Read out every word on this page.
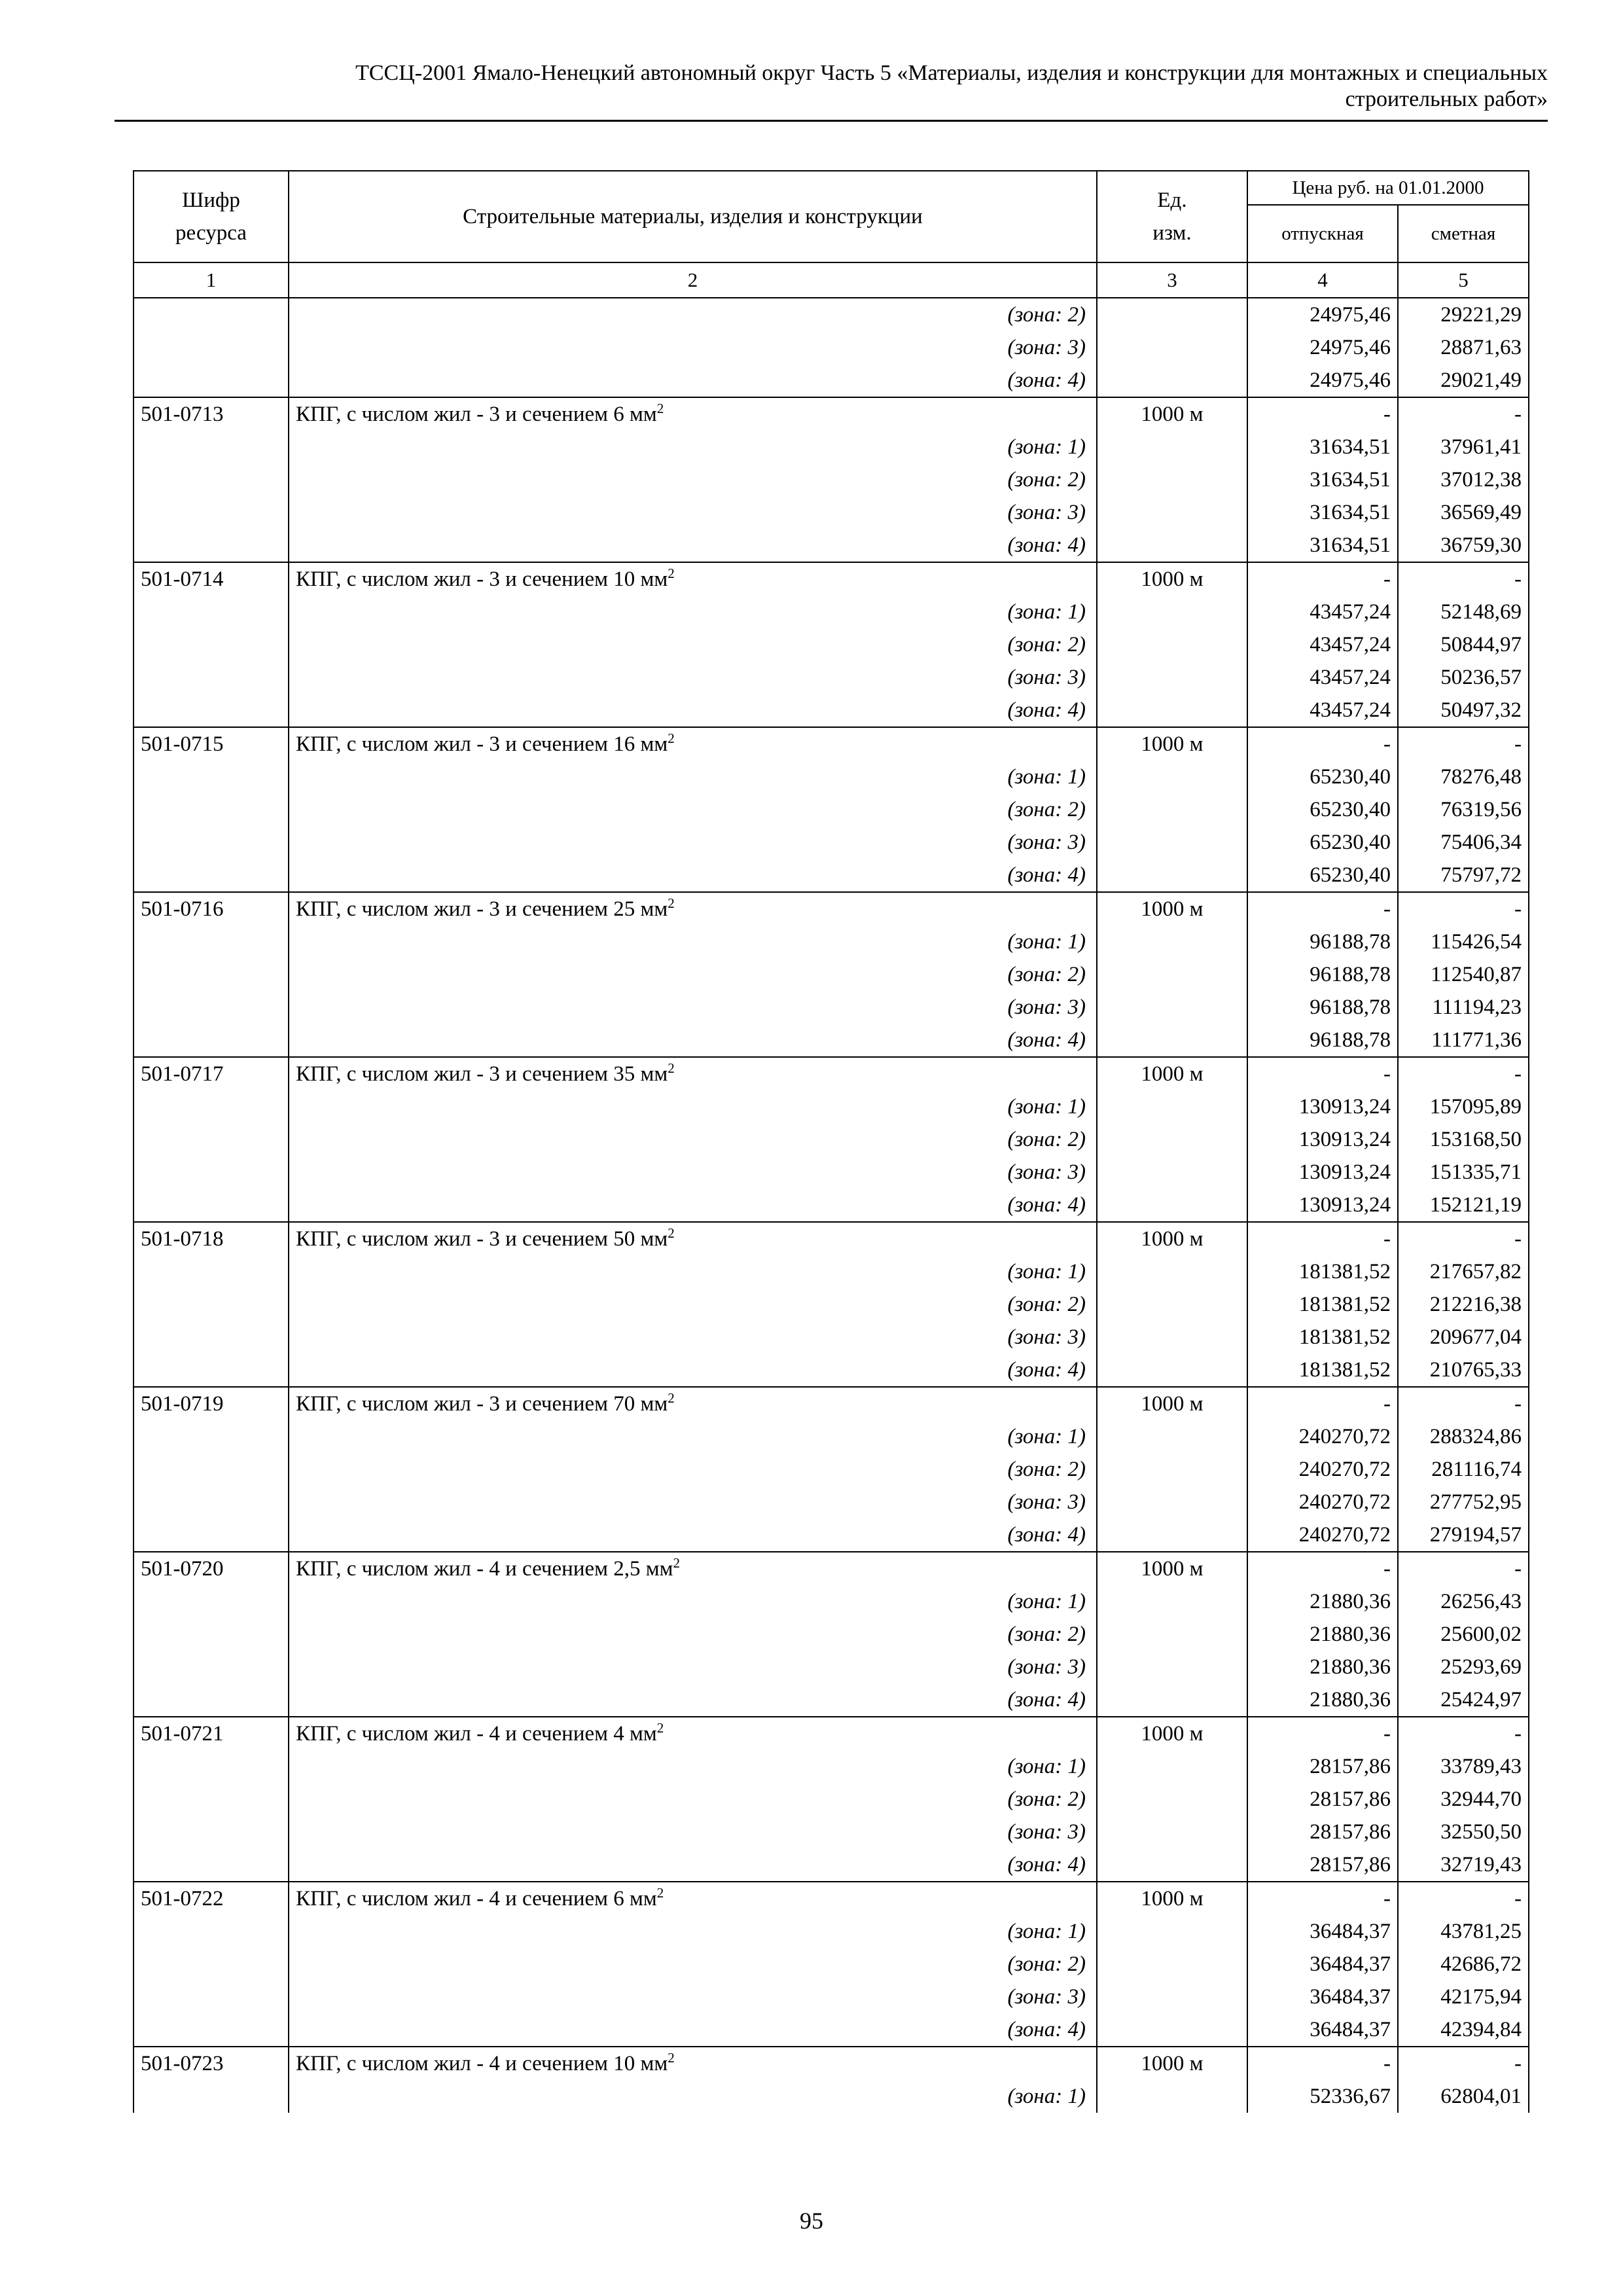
ТССЦ-2001 Ямало-Ненецкий автономный округ Часть 5 «Материалы, изделия и конструкции для монтажных и специальных
строительных работ»
Шифр ресурса	Строительные материалы, изделия и конструкции	Ед. изм.	Цена руб. на 01.01.2000	
			отпускная	сметная
1	2	3	4	5
	(зона: 2)		24975,46	29221,29
	(зона: 3)		24975,46	28871,63
	(зона: 4)		24975,46	29021,49
501-0713	КПГ, с числом жил - 3 и сечением 6 $мм^2$	1000 м	-	-
	(зона: 1)		31634,51	37961,41
	(зона: 2)		31634,51	37012,38
	(зона: 3)		31634,51	36569,49
	(зона: 4)		31634,51	36759,30
501-0714	КПГ, с числом жил - 3 и сечением 10 $мм^2$	1000 м	-	-
	(зона: 1)		43457,24	52148,69
	(зона: 2)		43457,24	50844,97
	(зона: 3)		43457,24	50236,57
	(зона: 4)		43457,24	50497,32
501-0715	КПГ, с числом жил - 3 и сечением 16 $мм^2$	1000 м	-	-
	(зона: 1)		65230,40	78276,48
	(зона: 2)		65230,40	76319,56
	(зона: 3)		65230,40	75406,34
	(зона: 4)		65230,40	75797,72
501-0716	КПГ, с числом жил - 3 и сечением 25 $мм^2$	1000 м	-	-
	(зона: 1)		96188,78	115426,54
	(зона: 2)		96188,78	112540,87
	(зона: 3)		96188,78	111194,23
	(зона: 4)		96188,78	111771,36
501-0717	КПГ, с числом жил - 3 и сечением 35 $мм^2$	1000 м	-	-
	(зона: 1)		130913,24	157095,89
	(зона: 2)		130913,24	153168,50
	(зона: 3)		130913,24	151335,71
	(зона: 4)		130913,24	152121,19
501-0718	КПГ, с числом жил - 3 и сечением 50 $мм^2$	1000 м	-	-
	(зона: 1)		181381,52	217657,82
	(зона: 2)		181381,52	212216,38
	(зона: 3)		181381,52	209677,04
	(зона: 4)		181381,52	210765,33
501-0719	КПГ, с числом жил - 3 и сечением 70 $мм^2$	1000 м	-	-
	(зона: 1)		240270,72	288324,86
	(зона: 2)		240270,72	281116,74
	(зона: 3)		240270,72	277752,95
	(зона: 4)		240270,72	279194,57
501-0720	КПГ, с числом жил - 4 и сечением 2,5 $мм^2$	1000 м	-	-
	(зона: 1)		21880,36	26256,43
	(зона: 2)		21880,36	25600,02
	(зона: 3)		21880,36	25293,69
	(зона: 4)		21880,36	25424,97
501-0721	КПГ, с числом жил - 4 и сечением 4 $мм^2$	1000 м	-	-
	(зона: 1)		28157,86	33789,43
	(зона: 2)		28157,86	32944,70
	(зона: 3)		28157,86	32550,50
	(зона: 4)		28157,86	32719,43
501-0722	КПГ, с числом жил - 4 и сечением 6 $мм^2$	1000 м	-	-
	(зона: 1)		36484,37	43781,25
	(зона: 2)		36484,37	42686,72
	(зона: 3)		36484,37	42175,94
	(зона: 4)		36484,37	42394,84
501-0723	КПГ, с числом жил - 4 и сечением 10 $мм^2$	1000 м	-	-
	(зона: 1)		52336,67	62804,01
95
